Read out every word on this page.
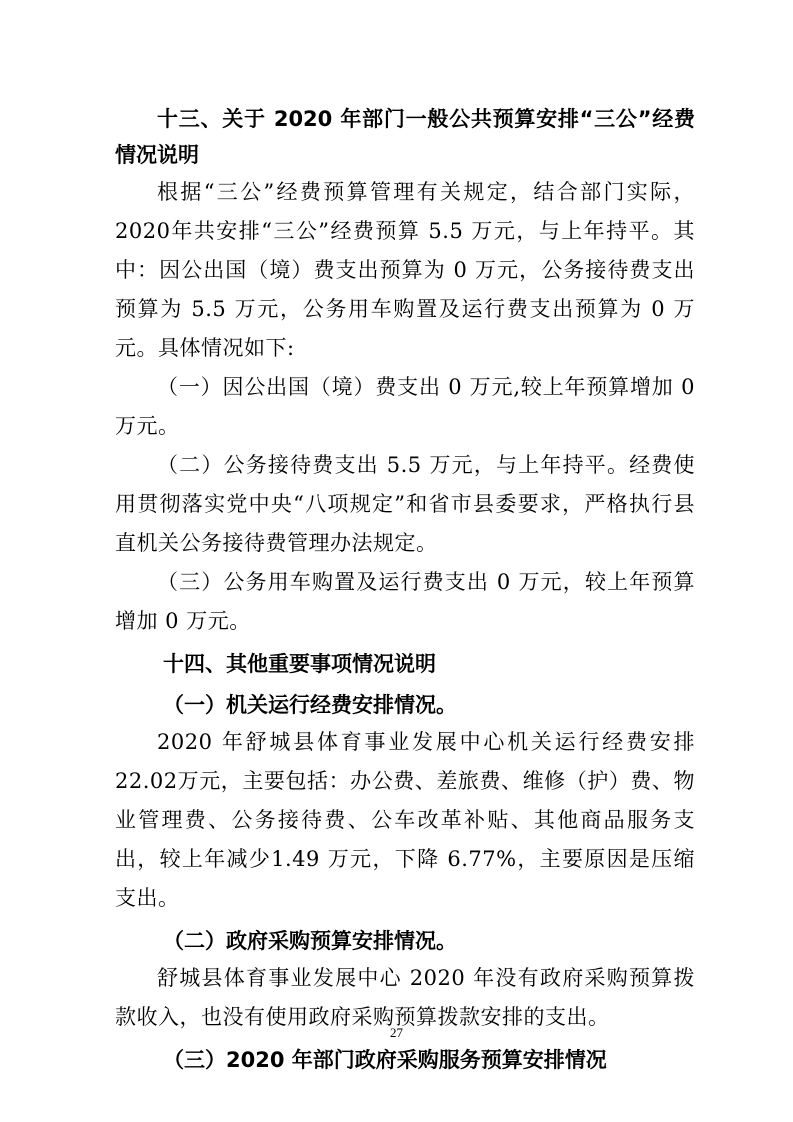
十三、关于 2020 年部门一般公共预算安排“三公”经费情况说明

根据“三公”经费预算管理有关规定，结合部门实际，2020年共安排“三公”经费预算 5.5 万元，与上年持平。其中：因公出国（境）费支出预算为 0 万元，公务接待费支出预算为 5.5 万元，公务用车购置及运行费支出预算为 0 万元。具体情况如下:

（一）因公出国（境）费支出 0 万元,较上年预算增加 0 万元。

（二）公务接待费支出 5.5 万元，与上年持平。经费使用贯彻落实党中央“八项规定”和省市县委要求，严格执行县直机关公务接待费管理办法规定。

（三）公务用车购置及运行费支出 0 万元，较上年预算增加 0 万元。

十四、其他重要事项情况说明

（一）机关运行经费安排情况。

2020 年舒城县体育事业发展中心机关运行经费安排 22.02万元，主要包括：办公费、差旅费、维修（护）费、物业管理费、公务接待费、公车改革补贴、其他商品服务支出，较上年减少1.49 万元，下降 6.77%，主要原因是压缩支出。

（二）政府采购预算安排情况。

舒城县体育事业发展中心 2020 年没有政府采购预算拨款收入，也没有使用政府采购预算拨款安排的支出。

（三）2020 年部门政府采购服务预算安排情况

27
